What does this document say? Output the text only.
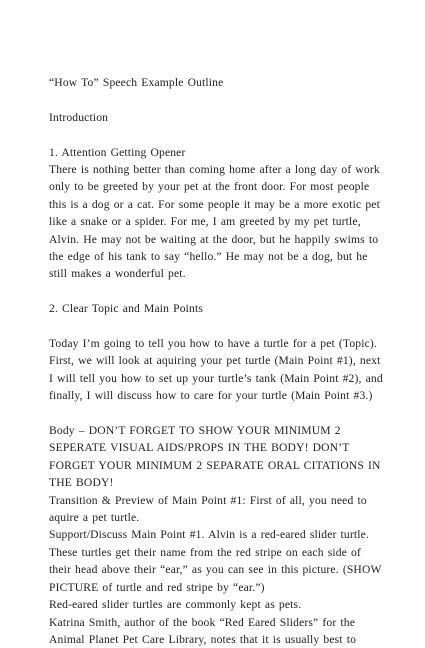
“How To” Speech Example Outline

Introduction

1. Attention Getting Opener

There is nothing better than coming home after a long day of work only to be greeted by your pet at the front door. For most people this is a dog or a cat. For some people it may be a more exotic pet like a snake or a spider. For me, I am greeted by my pet turtle, Alvin. He may not be waiting at the door, but he happily swims to the edge of his tank to say “hello.” He may not be a dog, but he still makes a wonderful pet.

2. Clear Topic and Main Points

Today I’m going to tell you how to have a turtle for a pet (Topic). First, we will look at aquiring your pet turtle (Main Point #1), next I will tell you how to set up your turtle’s tank (Main Point #2), and finally, I will discuss how to care for your turtle (Main Point #3.)

Body – DON’T FORGET TO SHOW YOUR MINIMUM 2 SEPERATE VISUAL AIDS/PROPS IN THE BODY! DON’T FORGET YOUR MINIMUM 2 SEPARATE ORAL CITATIONS IN THE BODY!

Transition & Preview of Main Point #1: First of all, you need to aquire a pet turtle.

Support/Discuss Main Point #1. Alvin is a red-eared slider turtle. These turtles get their name from the red stripe on each side of their head above their “ear,” as you can see in this picture. (SHOW PICTURE of turtle and red stripe by “ear.”)

Red-eared slider turtles are commonly kept as pets.

Katrina Smith, author of the book “Red Eared Sliders” for the Animal Planet Pet Care Library, notes that it is usually best to
